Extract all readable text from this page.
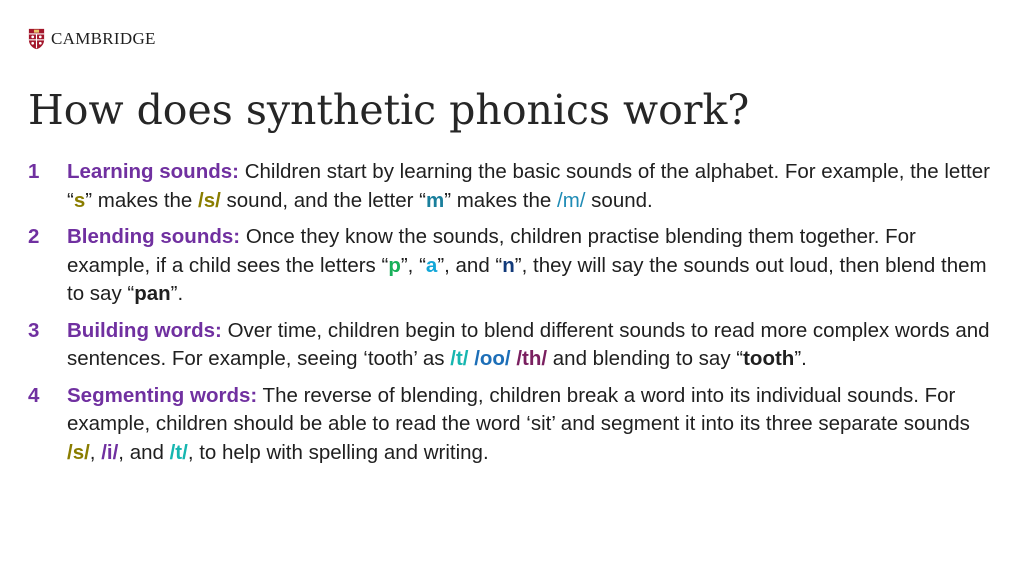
CAMBRIDGE
How does synthetic phonics work?
1	Learning sounds: Children start by learning the basic sounds of the alphabet. For example, the letter “s” makes the /s/ sound, and the letter “m” makes the /m/ sound.
2	Blending sounds: Once they know the sounds, children practise blending them together. For example, if a child sees the letters “p”, “a”, and “n”, they will say the sounds out loud, then blend them to say “pan”.
3	Building words: Over time, children begin to blend different sounds to read more complex words and sentences. For example, seeing ‘tooth’ as /t/ /oo/ /th/ and blending to say “tooth”.
4	Segmenting words: The reverse of blending, children break a word into its individual sounds. For example, children should be able to read the word ‘sit’ and segment it into its three separate sounds /s/, /i/, and /t/, to help with spelling and writing.
